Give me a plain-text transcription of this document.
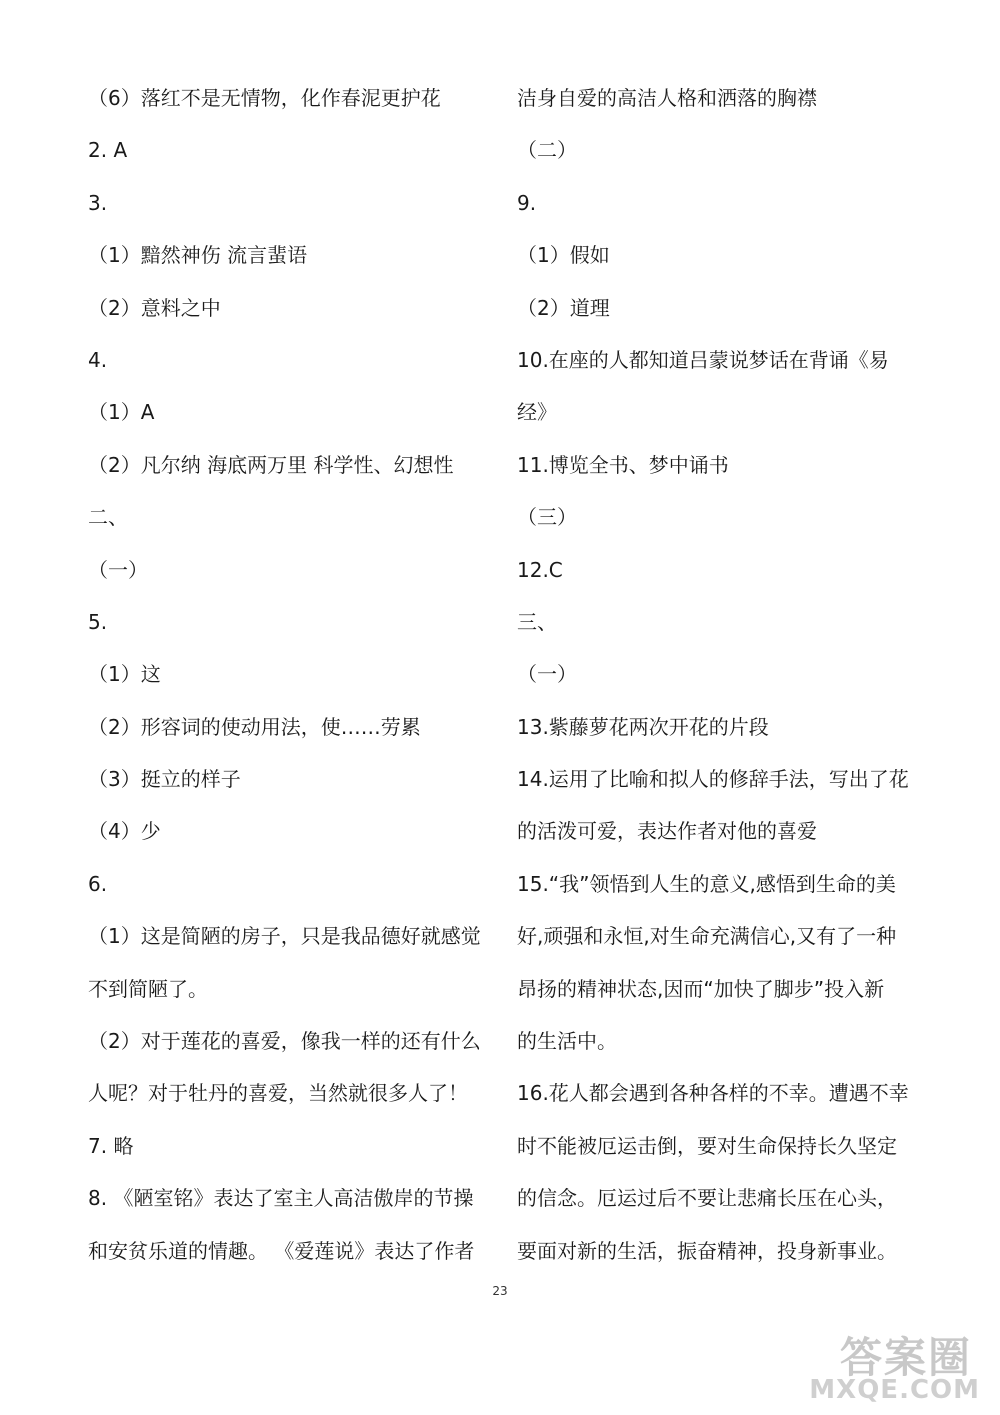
（6）落红不是无情物，化作春泥更护花
2. A
3.
（1）黯然神伤 流言蜚语
（2）意料之中
4.
（1）A
（2）凡尔纳 海底两万里 科学性、幻想性
二、
（一）
5.
（1）这
（2）形容词的使动用法，使……劳累
（3）挺立的样子
（4）少
6.
（1）这是简陋的房子，只是我品德好就感觉
不到简陋了。
（2）对于莲花的喜爱，像我一样的还有什么
人呢？对于牡丹的喜爱，当然就很多人了！
7. 略
8. 《陋室铭》表达了室主人高洁傲岸的节操
和安贫乐道的情趣。 《爱莲说》表达了作者
洁身自爱的高洁人格和洒落的胸襟
（二）
9.
（1）假如
（2）道理
10.在座的人都知道吕蒙说梦话在背诵《易
经》
11.博览全书、梦中诵书
（三）
12.C
三、
（一）
13.紫藤萝花两次开花的片段
14.运用了比喻和拟人的修辞手法，写出了花
的活泼可爱，表达作者对他的喜爱
15.“我”领悟到人生的意义,感悟到生命的美
好,顽强和永恒,对生命充满信心,又有了一种
昂扬的精神状态,因而“加快了脚步”投入新
的生活中。
16.花人都会遇到各种各样的不幸。遭遇不幸
时不能被厄运击倒，要对生命保持长久坚定
的信念。厄运过后不要让悲痛长压在心头，
要面对新的生活，振奋精神，投身新事业。
23
答案圈
MXQE.COM
